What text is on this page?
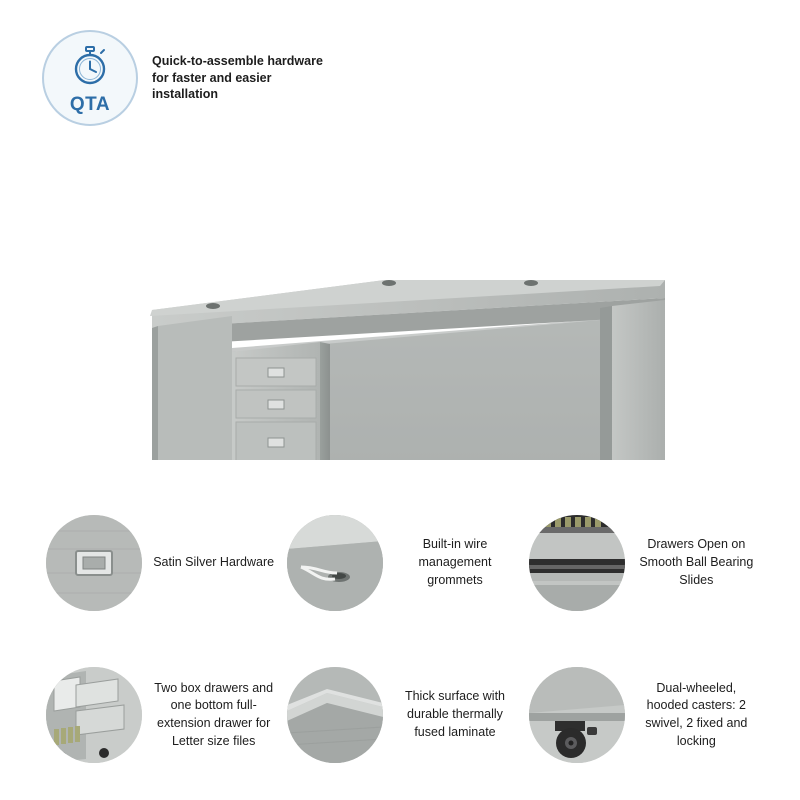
QTA
Quick-to-assemble hardware for faster and easier installation
Satin Silver Hardware
Built-in wire management grommets
Drawers Open on Smooth Ball Bearing Slides
Two box drawers and one bottom full-extension drawer for Letter size files
Thick surface with durable thermally fused laminate
Dual-wheeled, hooded casters: 2 swivel, 2 fixed and locking
